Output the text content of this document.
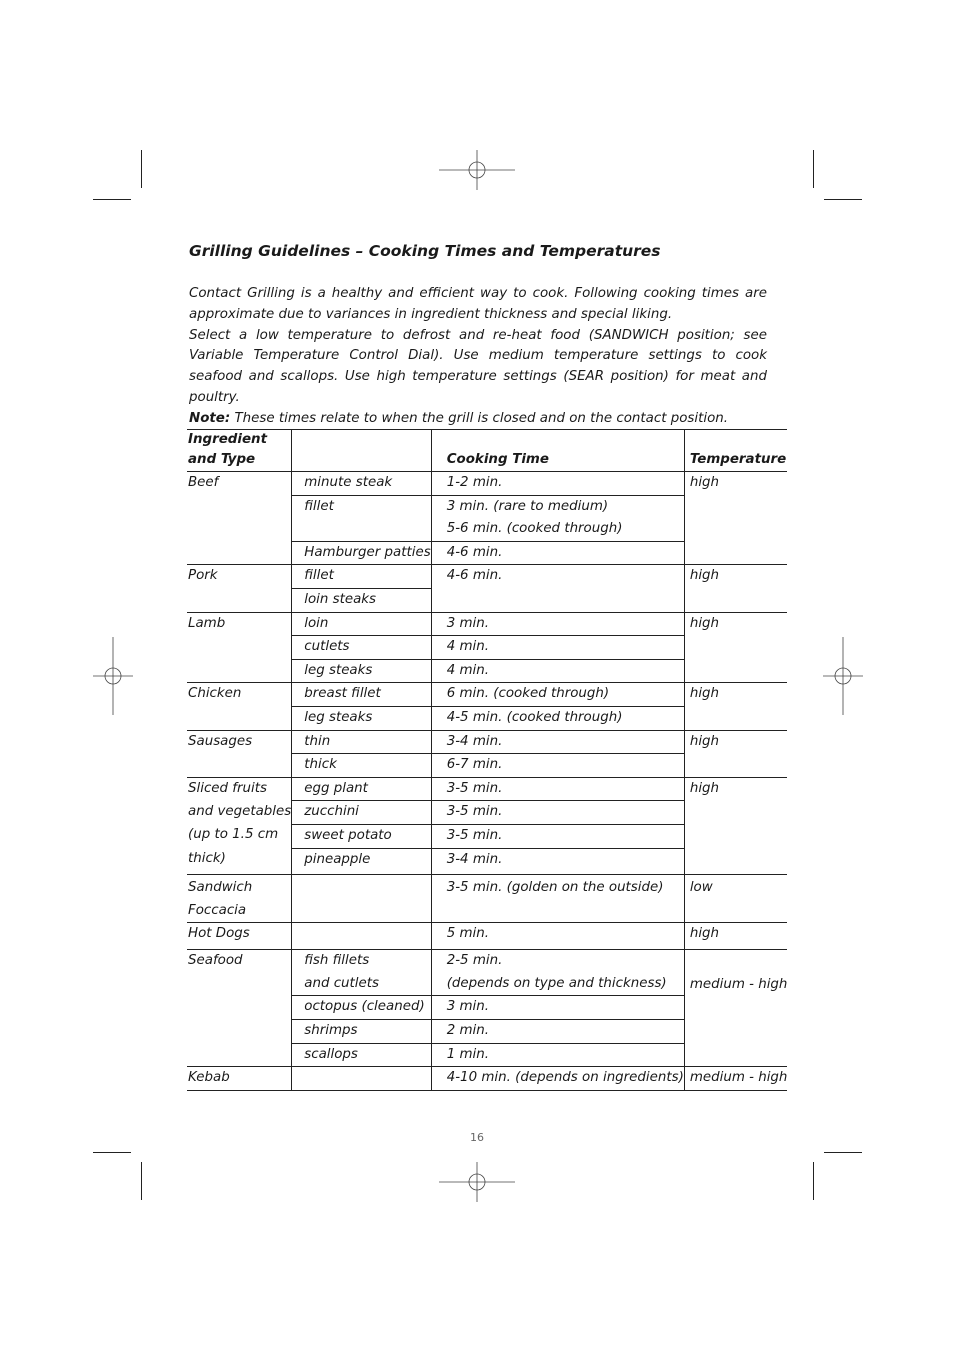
Grilling Guidelines – Cooking Times and Temperatures

Contact Grilling is a healthy and efficient way to cook. Following cooking times are approximate due to variances in ingredient thickness and special liking.

Select a low temperature to defrost and re-heat food (SANDWICH position; see Variable Temperature Control Dial). Use medium temperature settings to cook seafood and scallops. Use high temperature settings (SEAR position) for meat and poultry.

Note: These times relate to when the grill is closed and on the contact position.

Ingredient and Type		Cooking Time	Temperature
Beef	minute steak	1-2 min.	high
	fillet	3 min. (rare to medium)	
		5-6 min. (cooked through)	
	Hamburger patties	4-6 min.	
Pork	fillet	4-6 min.	high
	loin steaks		
Lamb	loin	3 min.	high
	cutlets	4 min.	
	leg steaks	4 min.	
Chicken	breast fillet	6 min. (cooked through)	high
	leg steaks	4-5 min. (cooked through)	
Sausages	thin	3-4 min.	high
	thick	6-7 min.	
Sliced fruits	egg plant	3-5 min.	high
and vegetables	zucchini	3-5 min.	
(up to 1.5 cm	sweet potato	3-5 min.	
thick)	pineapple	3-4 min.	
Sandwich		3-5 min. (golden on the outside)	low
Foccacia			
Hot Dogs		5 min.	high
Seafood	fish fillets	2-5 min.	medium - high
	and cutlets	(depends on type and thickness)	
	octopus (cleaned)	3 min.	
	shrimps	2 min.	
	scallops	1 min.	
Kebab		4-10 min. (depends on ingredients)	medium - high
16
